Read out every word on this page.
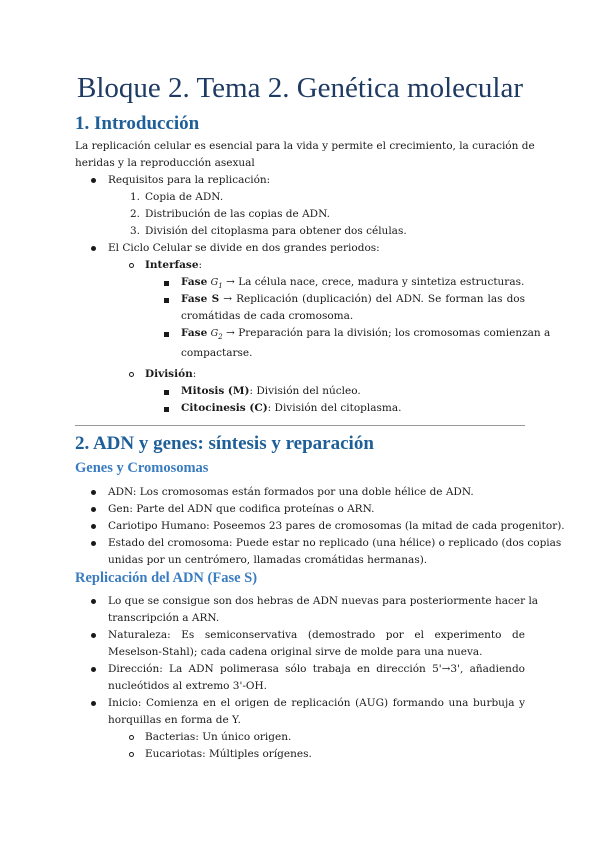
Bloque 2. Tema 2. Genética molecular
1. Introducción
La replicación celular es esencial para la vida y permite el crecimiento, la curación de
heridas y la reproducción asexual
Requisitos para la replicación:
1. Copia de ADN.
2. Distribución de las copias de ADN.
3. División del citoplasma para obtener dos células.
El Ciclo Celular se divide en dos grandes periodos:
Interfase:
Fase $G_1 \to La$ célula nace, crece, madura y sintetiza estructuras.
Fase S → Replicación (duplicación) del ADN. Se forman las dos
cromátidas de cada cromosoma.
Fase $G_2$ → Preparación para la división; los cromosomas comienzan a
compactarse.
División:
Mitosis (M): División del núcleo.
Citocinesis (C): División del citoplasma.
2. ADN y genes: síntesis y reparación
Genes y Cromosomas
ADN: Los cromosomas están formados por una doble hélice de ADN.
Gen: Parte del ADN que codifica proteínas o ARN.
Cariotipo Humano: Poseemos 23 pares de cromosomas (la mitad de cada progenitor).
Estado del cromosoma: Puede estar no replicado (una hélice) o replicado (dos copias
unidas por un centrómero, llamadas cromátidas hermanas).
Replicación del ADN (Fase S)
Lo que se consigue son dos hebras de ADN nuevas para posteriormente hacer la
transcripción a ARN.
Naturaleza: Es semiconservativa (demostrado por el experimento de
Meselson-Stahl); cada cadena original sirve de molde para una nueva.
Dirección: La ADN polimerasa sólo trabaja en dirección 5'→3', añadiendo
nucleótidos al extremo 3'-OH.
Inicio: Comienza en el origen de replicación (AUG) formando una burbuja y
horquillas en forma de Y.
Bacterias: Un único origen.
Eucariotas: Múltiples orígenes.
